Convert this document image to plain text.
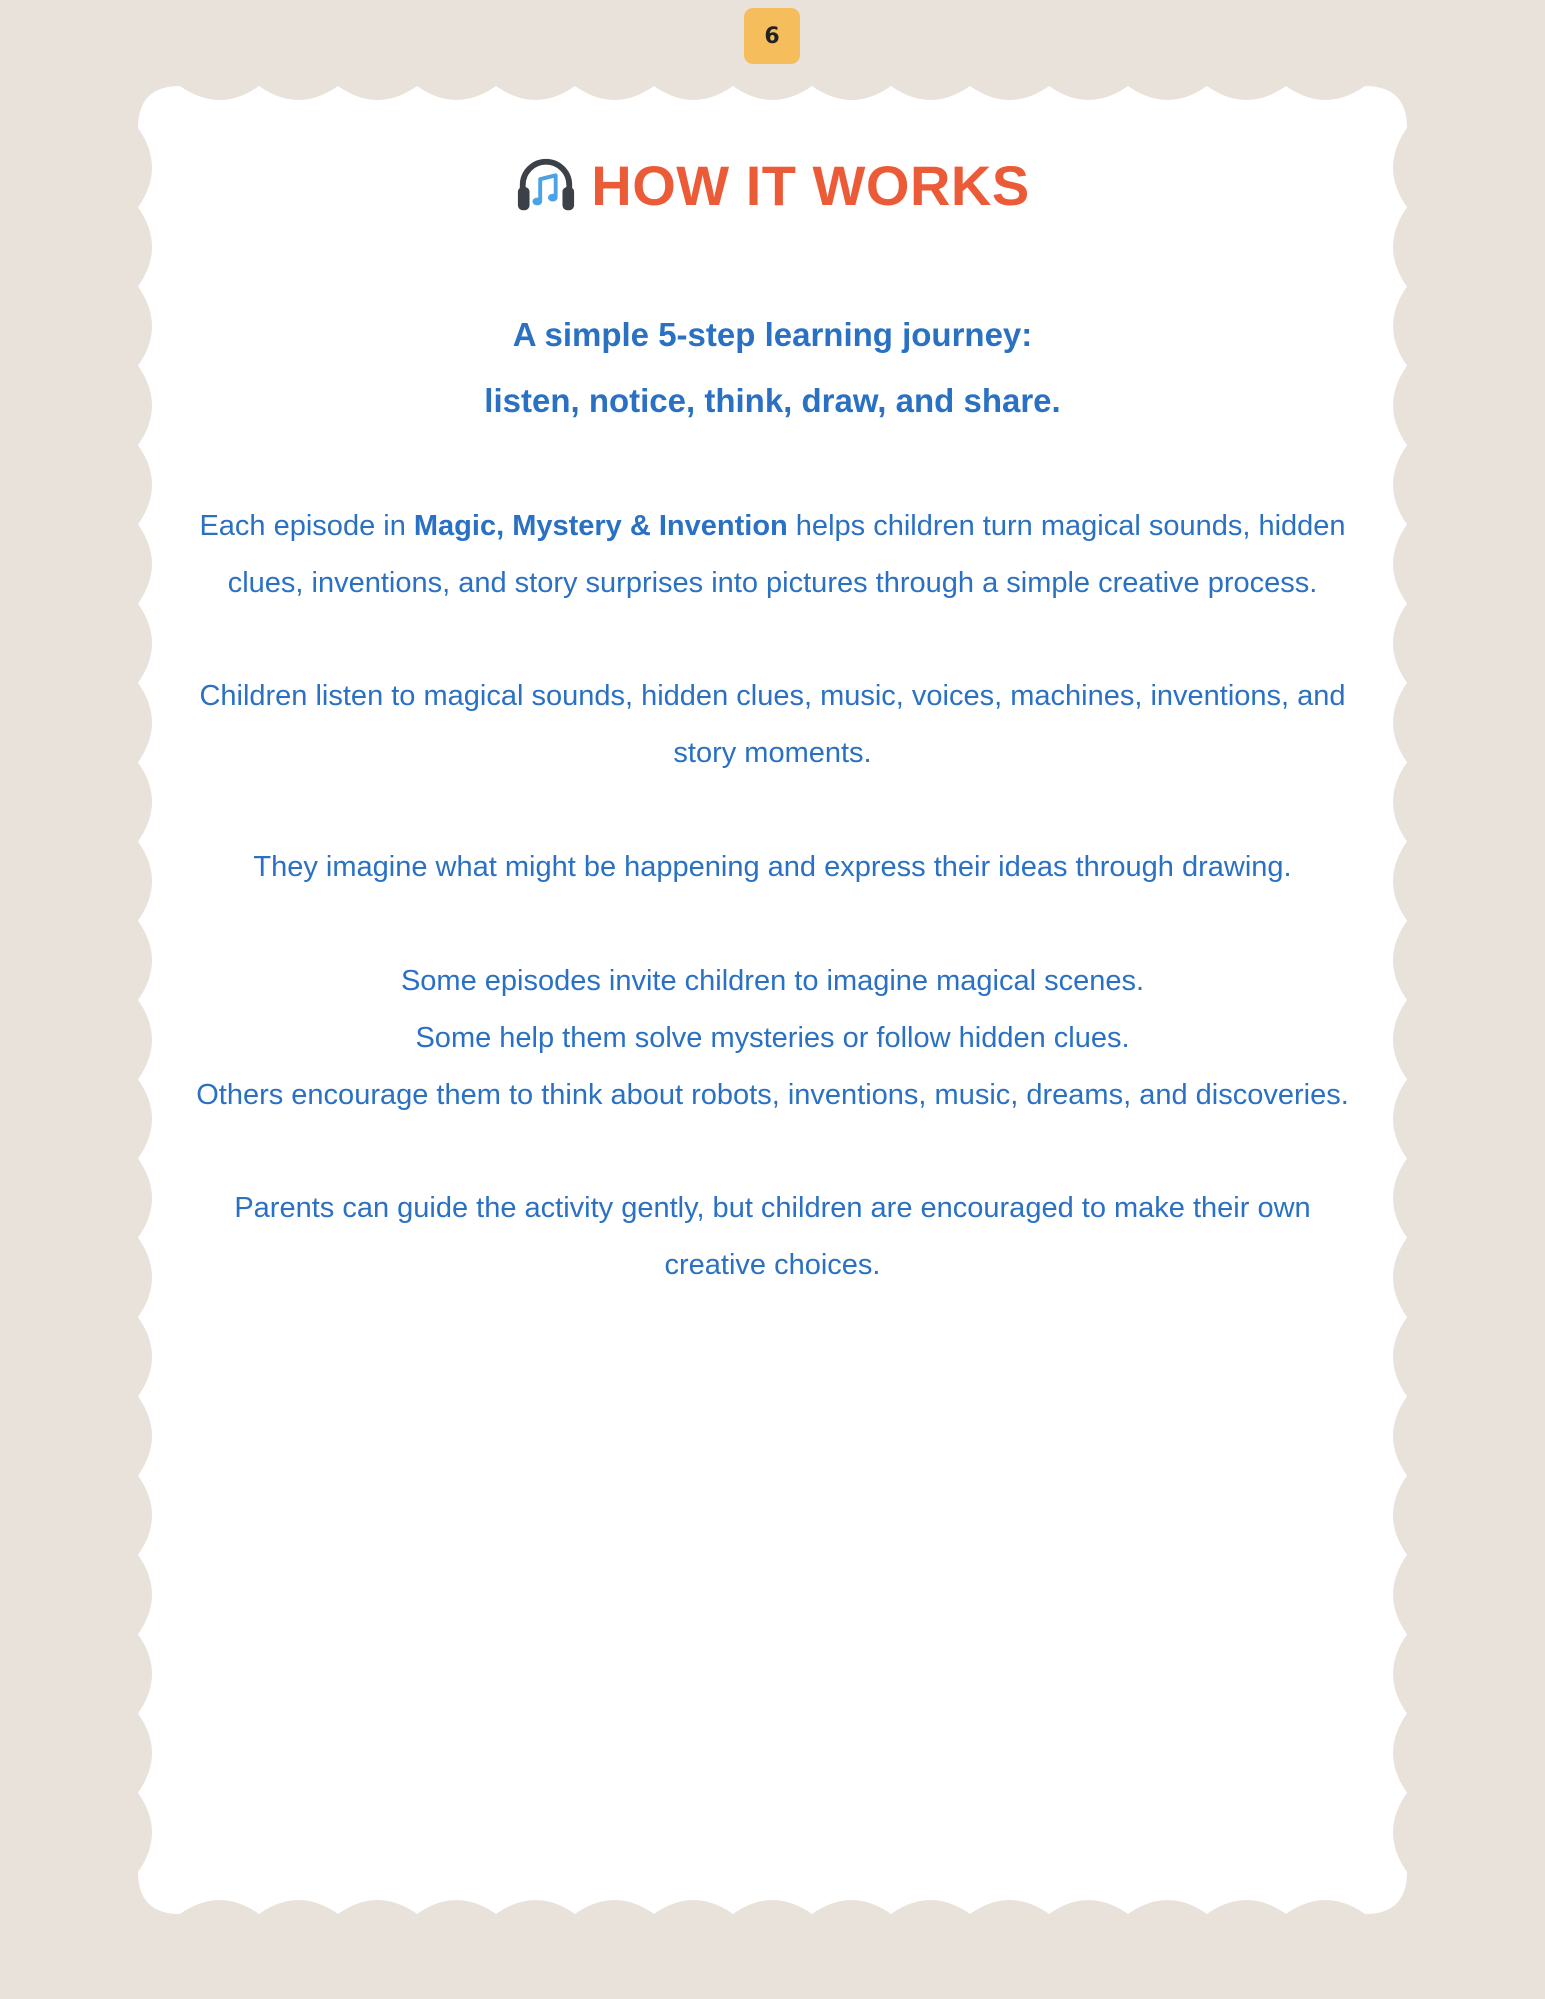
6
HOW IT WORKS
A simple 5-step learning journey:
listen, notice, think, draw, and share.

Each episode in Magic, Mystery & Invention helps children turn magical sounds, hidden clues, inventions, and story surprises into pictures through a simple creative process.

Children listen to magical sounds, hidden clues, music, voices, machines, inventions, and story moments.

They imagine what might be happening and express their ideas through drawing.

Some episodes invite children to imagine magical scenes.
Some help them solve mysteries or follow hidden clues.
Others encourage them to think about robots, inventions, music, dreams, and discoveries.

Parents can guide the activity gently, but children are encouraged to make their own creative choices.
